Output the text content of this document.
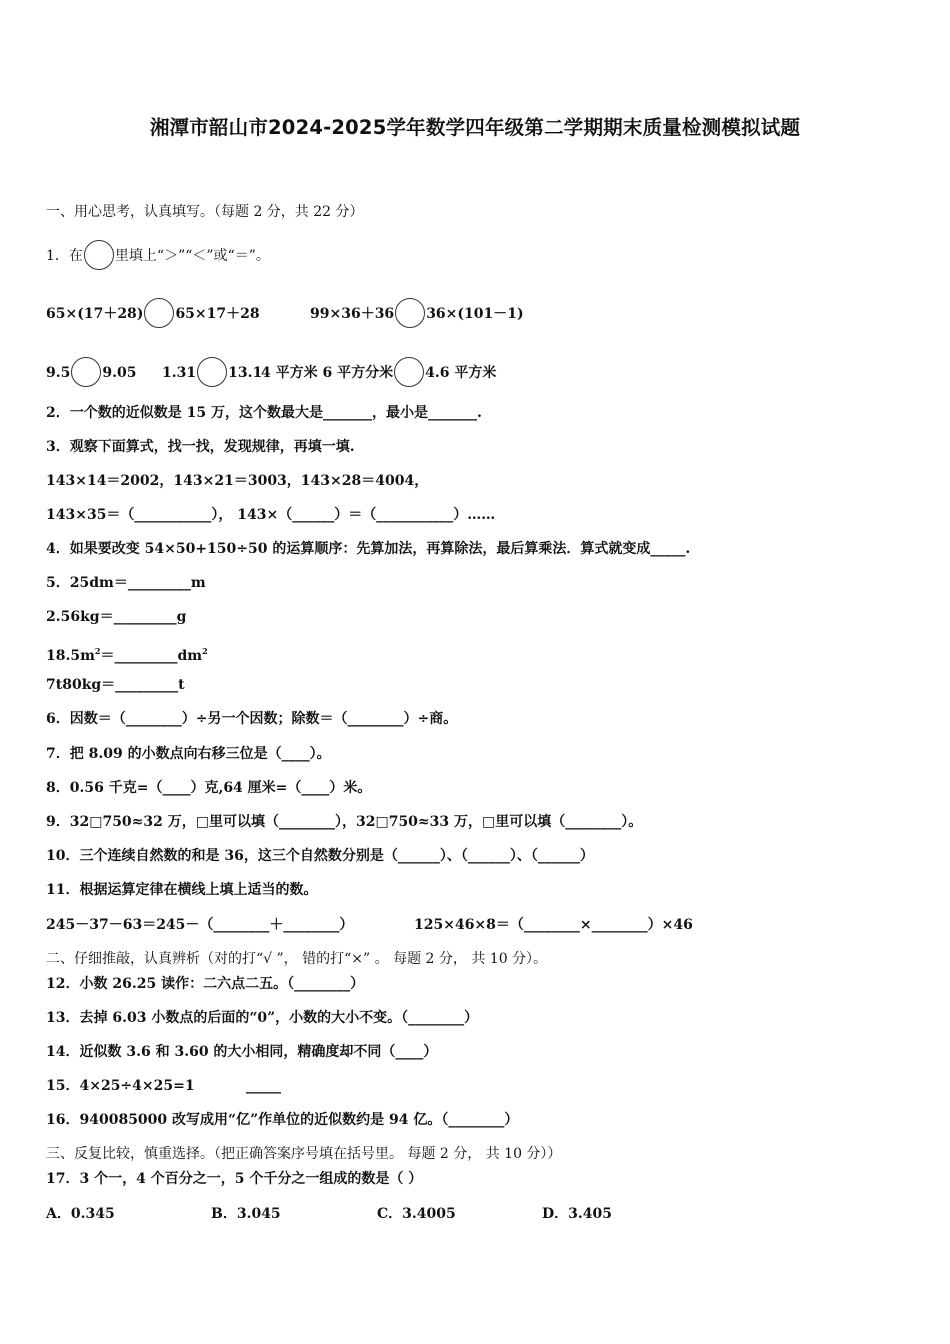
湘潭市韶山市2024-2025学年数学四年级第二学期期末质量检测模拟试题
一、用心思考，认真填写。（每题 2 分，共 22 分）
1．在 里填上“＞”“＜”或“＝”。
65×(17＋28) 65×17＋28	99×36＋36 36×(101－1)
9.5 9.05 1.31 13.1
4 平方米 6 平方分米 4.6 平方米
2．一个数的近似数是 15 万，这个数最大是_______，最小是_______.
3．观察下面算式，找一找，发现规律，再填一填.
143×14＝2002，143×21＝3003，143×28＝4004，
143×35＝（___________）， 143×（______）＝（___________）……
4．如果要改变 54×50+150÷50 的运算顺序：先算加法，再算除法，最后算乘法．算式就变成_____.
5．25dm＝_________m
2.56kg＝_________g
$18.5m^2=\_\_\_\_\_\_\_\_\_dm^2$
7t80kg＝_________t
6．因数＝（________）÷另一个因数；除数＝（________）÷商。
7．把 8.09 的小数点向右移三位是（____）。
8．0.56 千克=（____）克,64 厘米=（____）米。
9．32□750≈32 万，□里可以填（________），32□750≈33 万，□里可以填（________）。
10．三个连续自然数的和是 36，这三个自然数分别是（______）、（______）、（______）
11．根据运算定律在横线上填上适当的数。
245－37－63＝245－（________＋________）	125×46×8＝（________×________）×46
二、仔细推敲，认真辨析（对的打“√ ”， 错的打“×” 。 每题 2 分， 共 10 分）。
12．小数 26.25 读作：二六点二五。（________）
13．去掉 6.03 小数点的后面的“0”，小数的大小不变。（________）
14．近似数 3.6 和 3.60 的大小相同，精确度却不同（____）
15．4×25÷4×25=1	_____
16．940085000 改写成用“亿”作单位的近似数约是 94 亿。（________）
三、反复比较，慎重选择。（把正确答案序号填在括号里。 每题 2 分， 共 10 分））
17．3 个一，4 个百分之一，5 个千分之一组成的数是（ ）
A．0.345	B．3.045	C．3.4005	D．3.405
